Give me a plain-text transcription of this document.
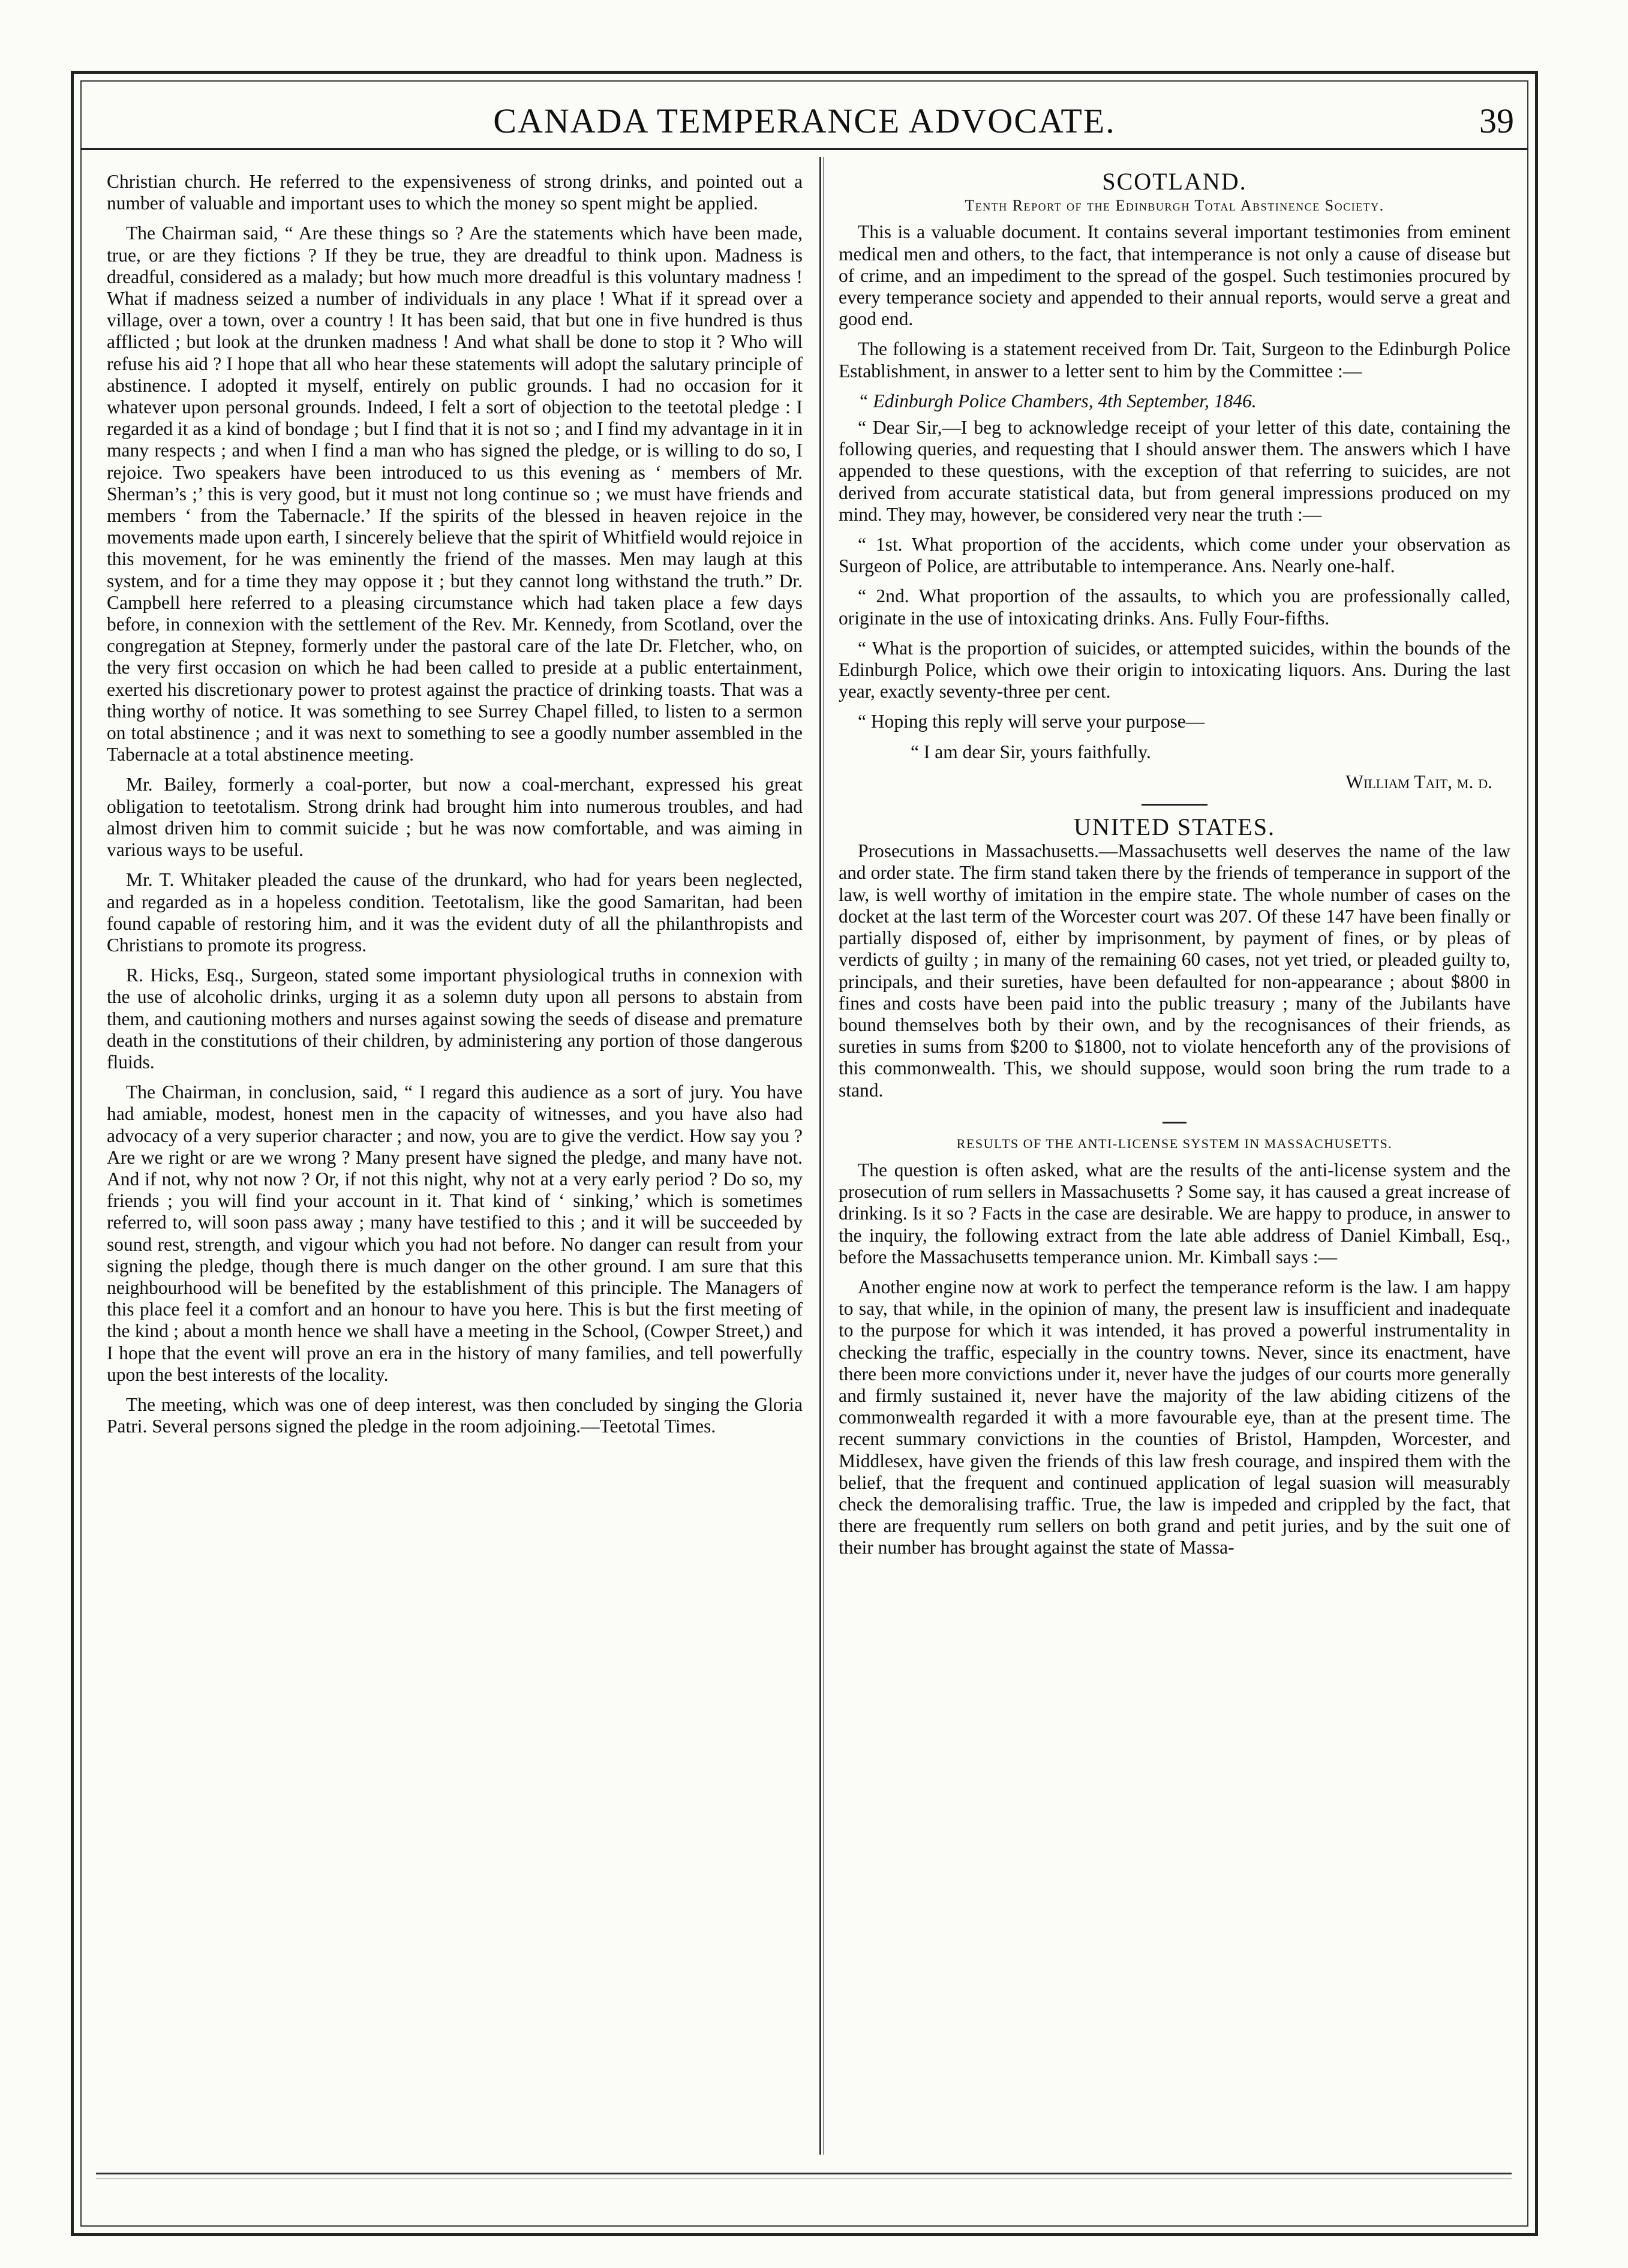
CANADA TEMPERANCE ADVOCATE.	39

Christian church. He referred to the expensiveness of strong drinks, and pointed out a number of valuable and important uses to which the money so spent might be applied.

The Chairman said, “ Are these things so ? Are the statements which have been made, true, or are they fictions ? If they be true, they are dreadful to think upon. Madness is dreadful, considered as a malady; but how much more dreadful is this voluntary madness ! What if madness seized a number of individuals in any place ! What if it spread over a village, over a town, over a country ! It has been said, that but one in five hundred is thus afflicted ; but look at the drunken madness ! And what shall be done to stop it ? Who will refuse his aid ? I hope that all who hear these statements will adopt the salutary principle of abstinence. I adopted it myself, entirely on public grounds. I had no occasion for it whatever upon personal grounds. Indeed, I felt a sort of objection to the teetotal pledge : I regarded it as a kind of bondage ; but I find that it is not so ; and I find my advantage in it in many respects ; and when I find a man who has signed the pledge, or is willing to do so, I rejoice. Two speakers have been introduced to us this evening as ‘ members of Mr. Sherman’s ;’ this is very good, but it must not long continue so ; we must have friends and members ‘ from the Tabernacle.’ If the spirits of the blessed in heaven rejoice in the movements made upon earth, I sincerely believe that the spirit of Whitfield would rejoice in this movement, for he was eminently the friend of the masses. Men may laugh at this system, and for a time they may oppose it ; but they cannot long withstand the truth.” Dr. Campbell here referred to a pleasing circumstance which had taken place a few days before, in connexion with the settlement of the Rev. Mr. Kennedy, from Scotland, over the congregation at Stepney, formerly under the pastoral care of the late Dr. Fletcher, who, on the very first occasion on which he had been called to preside at a public entertainment, exerted his discretionary power to protest against the practice of drinking toasts. That was a thing worthy of notice. It was something to see Surrey Chapel filled, to listen to a sermon on total abstinence ; and it was next to something to see a goodly number assembled in the Tabernacle at a total abstinence meeting.

Mr. Bailey, formerly a coal-porter, but now a coal-merchant, expressed his great obligation to teetotalism. Strong drink had brought him into numerous troubles, and had almost driven him to commit suicide ; but he was now comfortable, and was aiming in various ways to be useful.

Mr. T. Whitaker pleaded the cause of the drunkard, who had for years been neglected, and regarded as in a hopeless condition. Teetotalism, like the good Samaritan, had been found capable of restoring him, and it was the evident duty of all the philanthropists and Christians to promote its progress.

R. Hicks, Esq., Surgeon, stated some important physiological truths in connexion with the use of alcoholic drinks, urging it as a solemn duty upon all persons to abstain from them, and cautioning mothers and nurses against sowing the seeds of disease and premature death in the constitutions of their children, by administering any portion of those dangerous fluids.

The Chairman, in conclusion, said, “ I regard this audience as a sort of jury. You have had amiable, modest, honest men in the capacity of witnesses, and you have also had advocacy of a very superior character ; and now, you are to give the verdict. How say you ? Are we right or are we wrong ? Many present have signed the pledge, and many have not. And if not, why not now ? Or, if not this night, why not at a very early period ? Do so, my friends ; you will find your account in it. That kind of ‘ sinking,’ which is sometimes referred to, will soon pass away ; many have testified to this ; and it will be succeeded by sound rest, strength, and vigour which you had not before. No danger can result from your signing the pledge, though there is much danger on the other ground. I am sure that this neighbourhood will be benefited by the establishment of this principle. The Managers of this place feel it a comfort and an honour to have you here. This is but the first meeting of the kind ; about a month hence we shall have a meeting in the School, (Cowper Street,) and I hope that the event will prove an era in the history of many families, and tell powerfully upon the best interests of the locality.

The meeting, which was one of deep interest, was then concluded by singing the Gloria Patri. Several persons signed the pledge in the room adjoining.—Teetotal Times.

SCOTLAND.
Tenth Report of the Edinburgh Total Abstinence Society.

This is a valuable document. It contains several important testimonies from eminent medical men and others, to the fact, that intemperance is not only a cause of disease but of crime, and an impediment to the spread of the gospel. Such testimonies procured by every temperance society and appended to their annual reports, would serve a great and good end.

The following is a statement received from Dr. Tait, Surgeon to the Edinburgh Police Establishment, in answer to a letter sent to him by the Committee :—

“ Edinburgh Police Chambers, 4th September, 1846.

“ Dear Sir,—I beg to acknowledge receipt of your letter of this date, containing the following queries, and requesting that I should answer them. The answers which I have appended to these questions, with the exception of that referring to suicides, are not derived from accurate statistical data, but from general impressions produced on my mind. They may, however, be considered very near the truth :—

“ 1st. What proportion of the accidents, which come under your observation as Surgeon of Police, are attributable to intemperance. Ans. Nearly one-half.

“ 2nd. What proportion of the assaults, to which you are professionally called, originate in the use of intoxicating drinks. Ans. Fully Four-fifths.

“ What is the proportion of suicides, or attempted suicides, within the bounds of the Edinburgh Police, which owe their origin to intoxicating liquors. Ans. During the last year, exactly seventy-three per cent.

“ Hoping this reply will serve your purpose—

“ I am dear Sir, yours faithfully.

William Tait, m. d.

UNITED STATES.

Prosecutions in Massachusetts.—Massachusetts well deserves the name of the law and order state. The firm stand taken there by the friends of temperance in support of the law, is well worthy of imitation in the empire state. The whole number of cases on the docket at the last term of the Worcester court was 207. Of these 147 have been finally or partially disposed of, either by imprisonment, by payment of fines, or by pleas of verdicts of guilty ; in many of the remaining 60 cases, not yet tried, or pleaded guilty to, principals, and their sureties, have been defaulted for non-appearance ; about $800 in fines and costs have been paid into the public treasury ; many of the Jubilants have bound themselves both by their own, and by the recognisances of their friends, as sureties in sums from $200 to $1800, not to violate henceforth any of the provisions of this commonwealth. This, we should suppose, would soon bring the rum trade to a stand.

RESULTS OF THE ANTI-LICENSE SYSTEM IN MASSACHUSETTS.

The question is often asked, what are the results of the anti-license system and the prosecution of rum sellers in Massachusetts ? Some say, it has caused a great increase of drinking. Is it so ? Facts in the case are desirable. We are happy to produce, in answer to the inquiry, the following extract from the late able address of Daniel Kimball, Esq., before the Massachusetts temperance union. Mr. Kimball says :—

Another engine now at work to perfect the temperance reform is the law. I am happy to say, that while, in the opinion of many, the present law is insufficient and inadequate to the purpose for which it was intended, it has proved a powerful instrumentality in checking the traffic, especially in the country towns. Never, since its enactment, have there been more convictions under it, never have the judges of our courts more generally and firmly sustained it, never have the majority of the law abiding citizens of the commonwealth regarded it with a more favourable eye, than at the present time. The recent summary convictions in the counties of Bristol, Hampden, Worcester, and Middlesex, have given the friends of this law fresh courage, and inspired them with the belief, that the frequent and continued application of legal suasion will measurably check the demoralising traffic. True, the law is impeded and crippled by the fact, that there are frequently rum sellers on both grand and petit juries, and by the suit one of their number has brought against the state of Massa-
